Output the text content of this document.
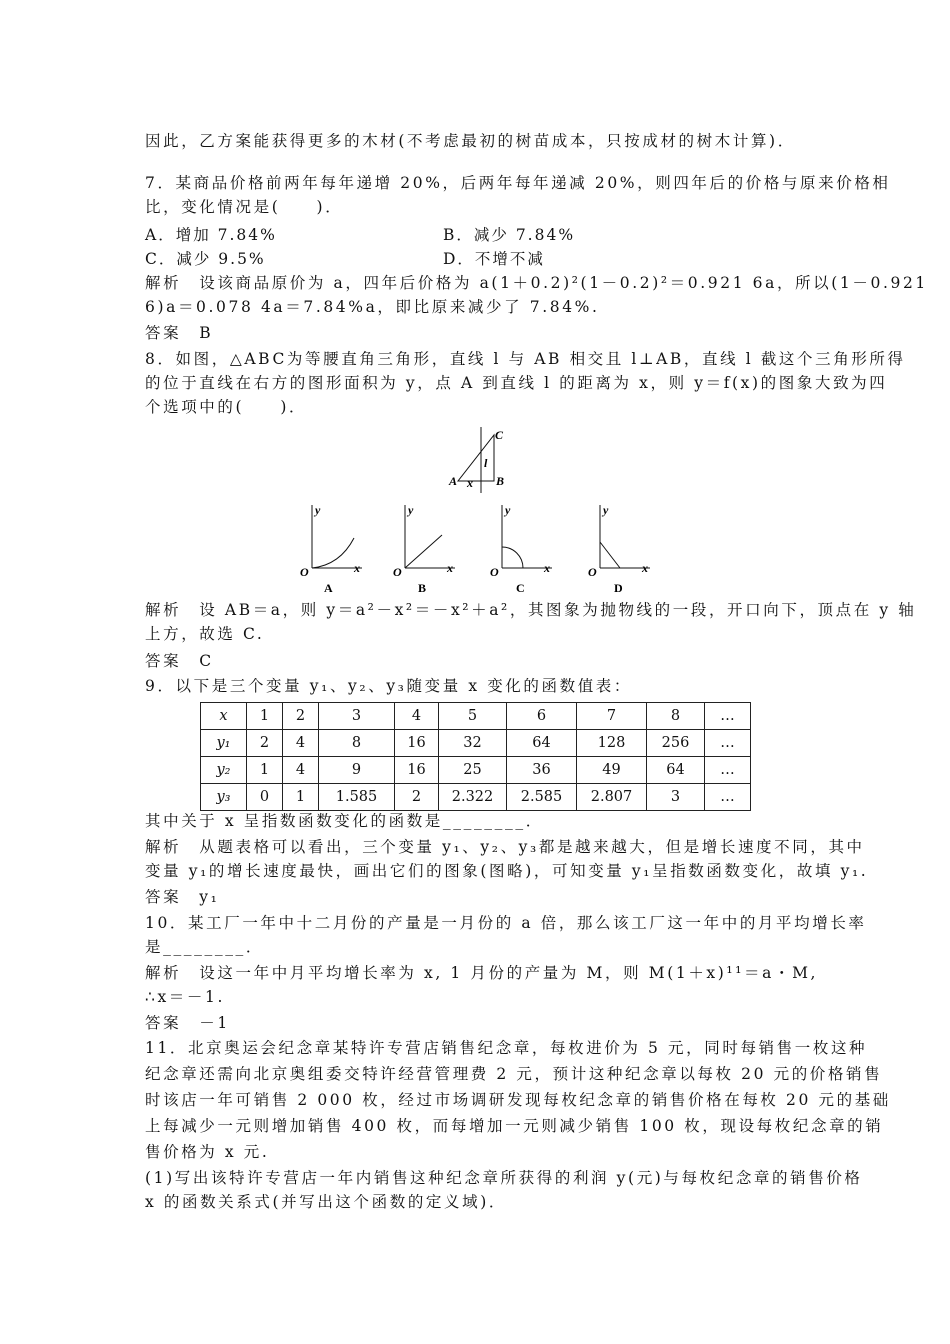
因此，乙方案能获得更多的木材(不考虑最初的树苗成本，只按成材的树木计算)．
7．某商品价格前两年每年递增 20%，后两年每年递减 20%，则四年后的价格与原来价格相
比，变化情况是(　　)．
A．增加 7.84%	B．减少 7.84%
C．减少 9.5%	D．不增不减
解析　设该商品原价为 a，四年后价格为 a(1＋0.2)²(1－0.2)²＝0.921 6a，所以(1－0.921
6)a＝0.078 4a＝7.84%a，即比原来减少了 7.84%.
答案　B
8．如图，△ABC为等腰直角三角形，直线 l 与 AB 相交且 l⊥AB，直线 l 截这个三角形所得
的位于直线在右方的图形面积为 y，点 A 到直线 l 的距离为 x，则 y＝f(x)的图象大致为四
个选项中的(　　)．
C
A	B
x
l
y
O	x
A
y
O	x
B
y
O	x
C
y
O	x
D
解析　设 AB＝a，则 y＝a²－x²＝－x²＋a²，其图象为抛物线的一段，开口向下，顶点在 y 轴
上方，故选 C.
答案　C
9．以下是三个变量 y₁、y₂、y₃随变量 x 变化的函数值表：
x	1	2	3	4	5	6	7	8	…
y₁	2	4	8	16	32	64	128	256	…
y₂	1	4	9	16	25	36	49	64	…
y₃	0	1	1.585	2	2.322	2.585	2.807	3	…
其中关于 x 呈指数函数变化的函数是________．
解析　从题表格可以看出，三个变量 y₁、y₂、y₃都是越来越大，但是增长速度不同，其中
变量 y₁的增长速度最快，画出它们的图象(图略)，可知变量 y₁呈指数函数变化，故填 y₁.
答案　y₁
10．某工厂一年中十二月份的产量是一月份的 a 倍，那么该工厂这一年中的月平均增长率
是________．
解析　设这一年中月平均增长率为 x, 1 月份的产量为 M，则 M(1＋x)¹¹＝a・M,
∴x＝－1.
答案　－1
11．北京奥运会纪念章某特许专营店销售纪念章，每枚进价为 5 元，同时每销售一枚这种
纪念章还需向北京奥组委交特许经营管理费 2 元，预计这种纪念章以每枚 20 元的价格销售
时该店一年可销售 2 000 枚，经过市场调研发现每枚纪念章的销售价格在每枚 20 元的基础
上每减少一元则增加销售 400 枚，而每增加一元则减少销售 100 枚，现设每枚纪念章的销
售价格为 x 元.
(1)写出该特许专营店一年内销售这种纪念章所获得的利润 y(元)与每枚纪念章的销售价格
x 的函数关系式(并写出这个函数的定义域)．
